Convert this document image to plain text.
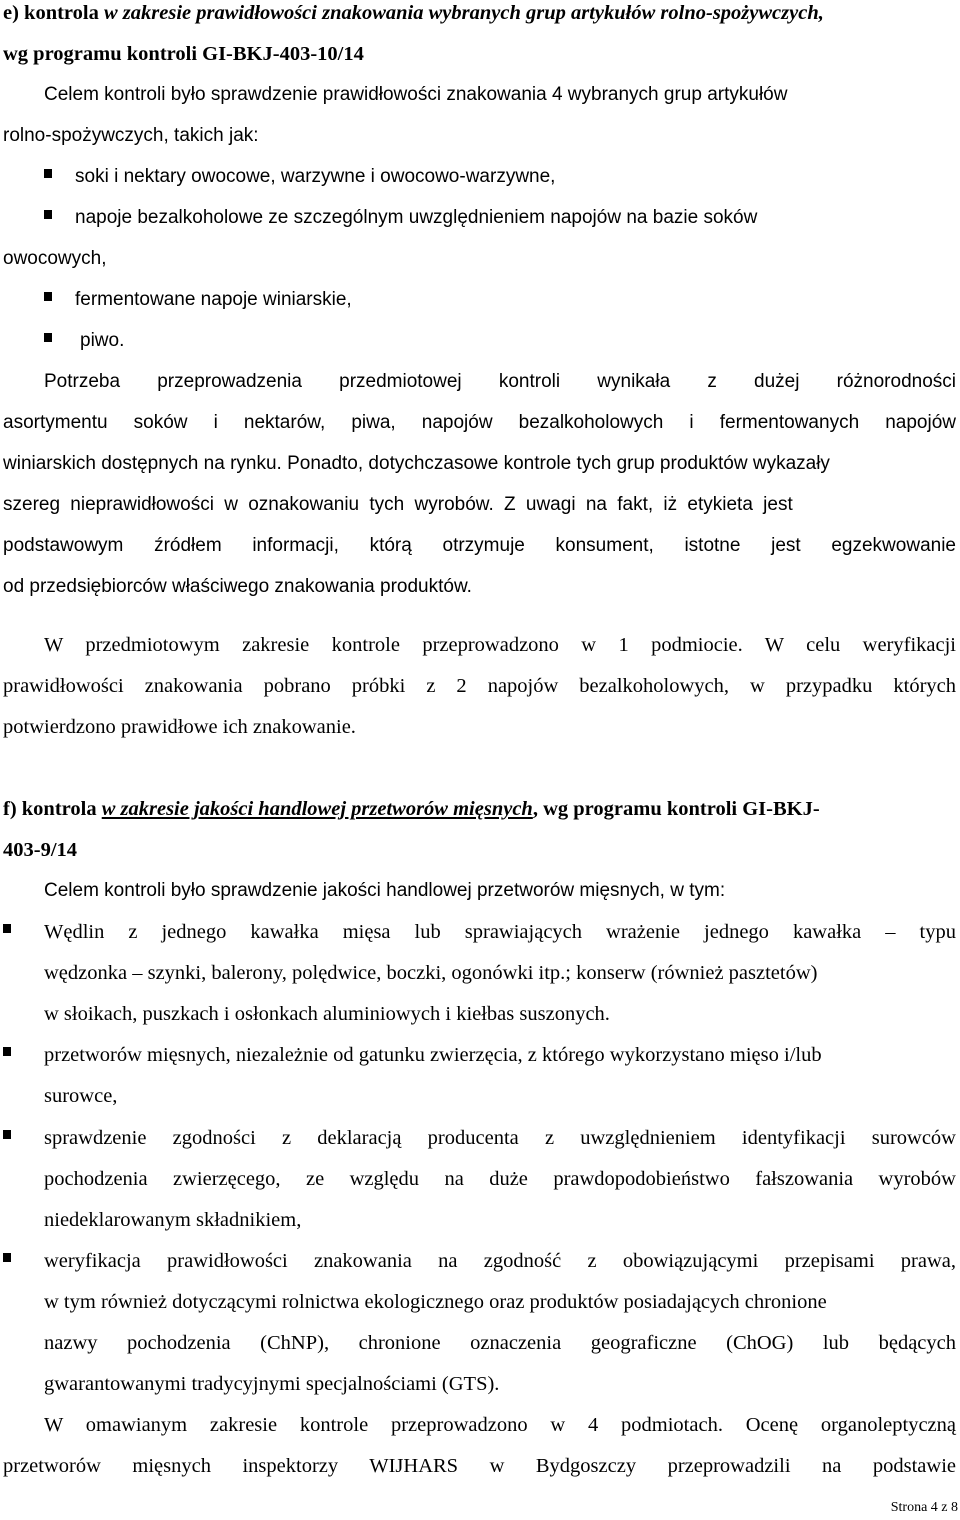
e) kontrola w zakresie prawidłowości znakowania wybranych grup artykułów rolno-spożywczych,
wg programu kontroli GI-BKJ-403-10/14
Celem kontroli było sprawdzenie prawidłowości znakowania 4 wybranych grup artykułów
rolno-spożywczych, takich jak:
soki i nektary owocowe, warzywne i owocowo-warzywne,
napoje bezalkoholowe ze szczególnym uwzględnieniem napojów na bazie soków
owocowych,
fermentowane napoje winiarskie,
piwo.
Potrzeba przeprowadzenia przedmiotowej kontroli wynikała z dużej różnorodności
asortymentu soków i nektarów, piwa, napojów bezalkoholowych i fermentowanych napojów
winiarskich dostępnych na rynku. Ponadto, dotychczasowe kontrole tych grup produktów wykazały
szereg nieprawidłowości w oznakowaniu tych wyrobów. Z uwagi na fakt, iż etykieta jest
podstawowym źródłem informacji, którą otrzymuje konsument, istotne jest egzekwowanie
od przedsiębiorców właściwego znakowania produktów.
W przedmiotowym zakresie kontrole przeprowadzono w 1 podmiocie. W celu weryfikacji
prawidłowości znakowania pobrano próbki z 2 napojów bezalkoholowych, w przypadku których
potwierdzono prawidłowe ich znakowanie.
f) kontrola w zakresie jakości handlowej przetworów mięsnych, wg programu kontroli GI-BKJ-
403-9/14
Celem kontroli było sprawdzenie jakości handlowej przetworów mięsnych, w tym:
Wędlin z jednego kawałka mięsa lub sprawiających wrażenie jednego kawałka – typu
wędzonka – szynki, balerony, polędwice, boczki, ogonówki itp.; konserw (również pasztetów)
w słoikach, puszkach i osłonkach aluminiowych i kiełbas suszonych.
przetworów mięsnych, niezależnie od gatunku zwierzęcia, z którego wykorzystano mięso i/lub
surowce,
sprawdzenie zgodności z deklaracją producenta z uwzględnieniem identyfikacji surowców
pochodzenia zwierzęcego, ze względu na duże prawdopodobieństwo fałszowania wyrobów
niedeklarowanym składnikiem,
weryfikacja prawidłowości znakowania na zgodność z obowiązującymi przepisami prawa,
w tym również dotyczącymi rolnictwa ekologicznego oraz produktów posiadających chronione
nazwy pochodzenia (ChNP), chronione oznaczenia geograficzne (ChOG) lub będących
gwarantowanymi tradycyjnymi specjalnościami (GTS).
W omawianym zakresie kontrole przeprowadzono w 4 podmiotach. Ocenę organoleptyczną
przetworów mięsnych inspektorzy WIJHARS w Bydgoszczy przeprowadzili na podstawie
Strona 4 z 8
